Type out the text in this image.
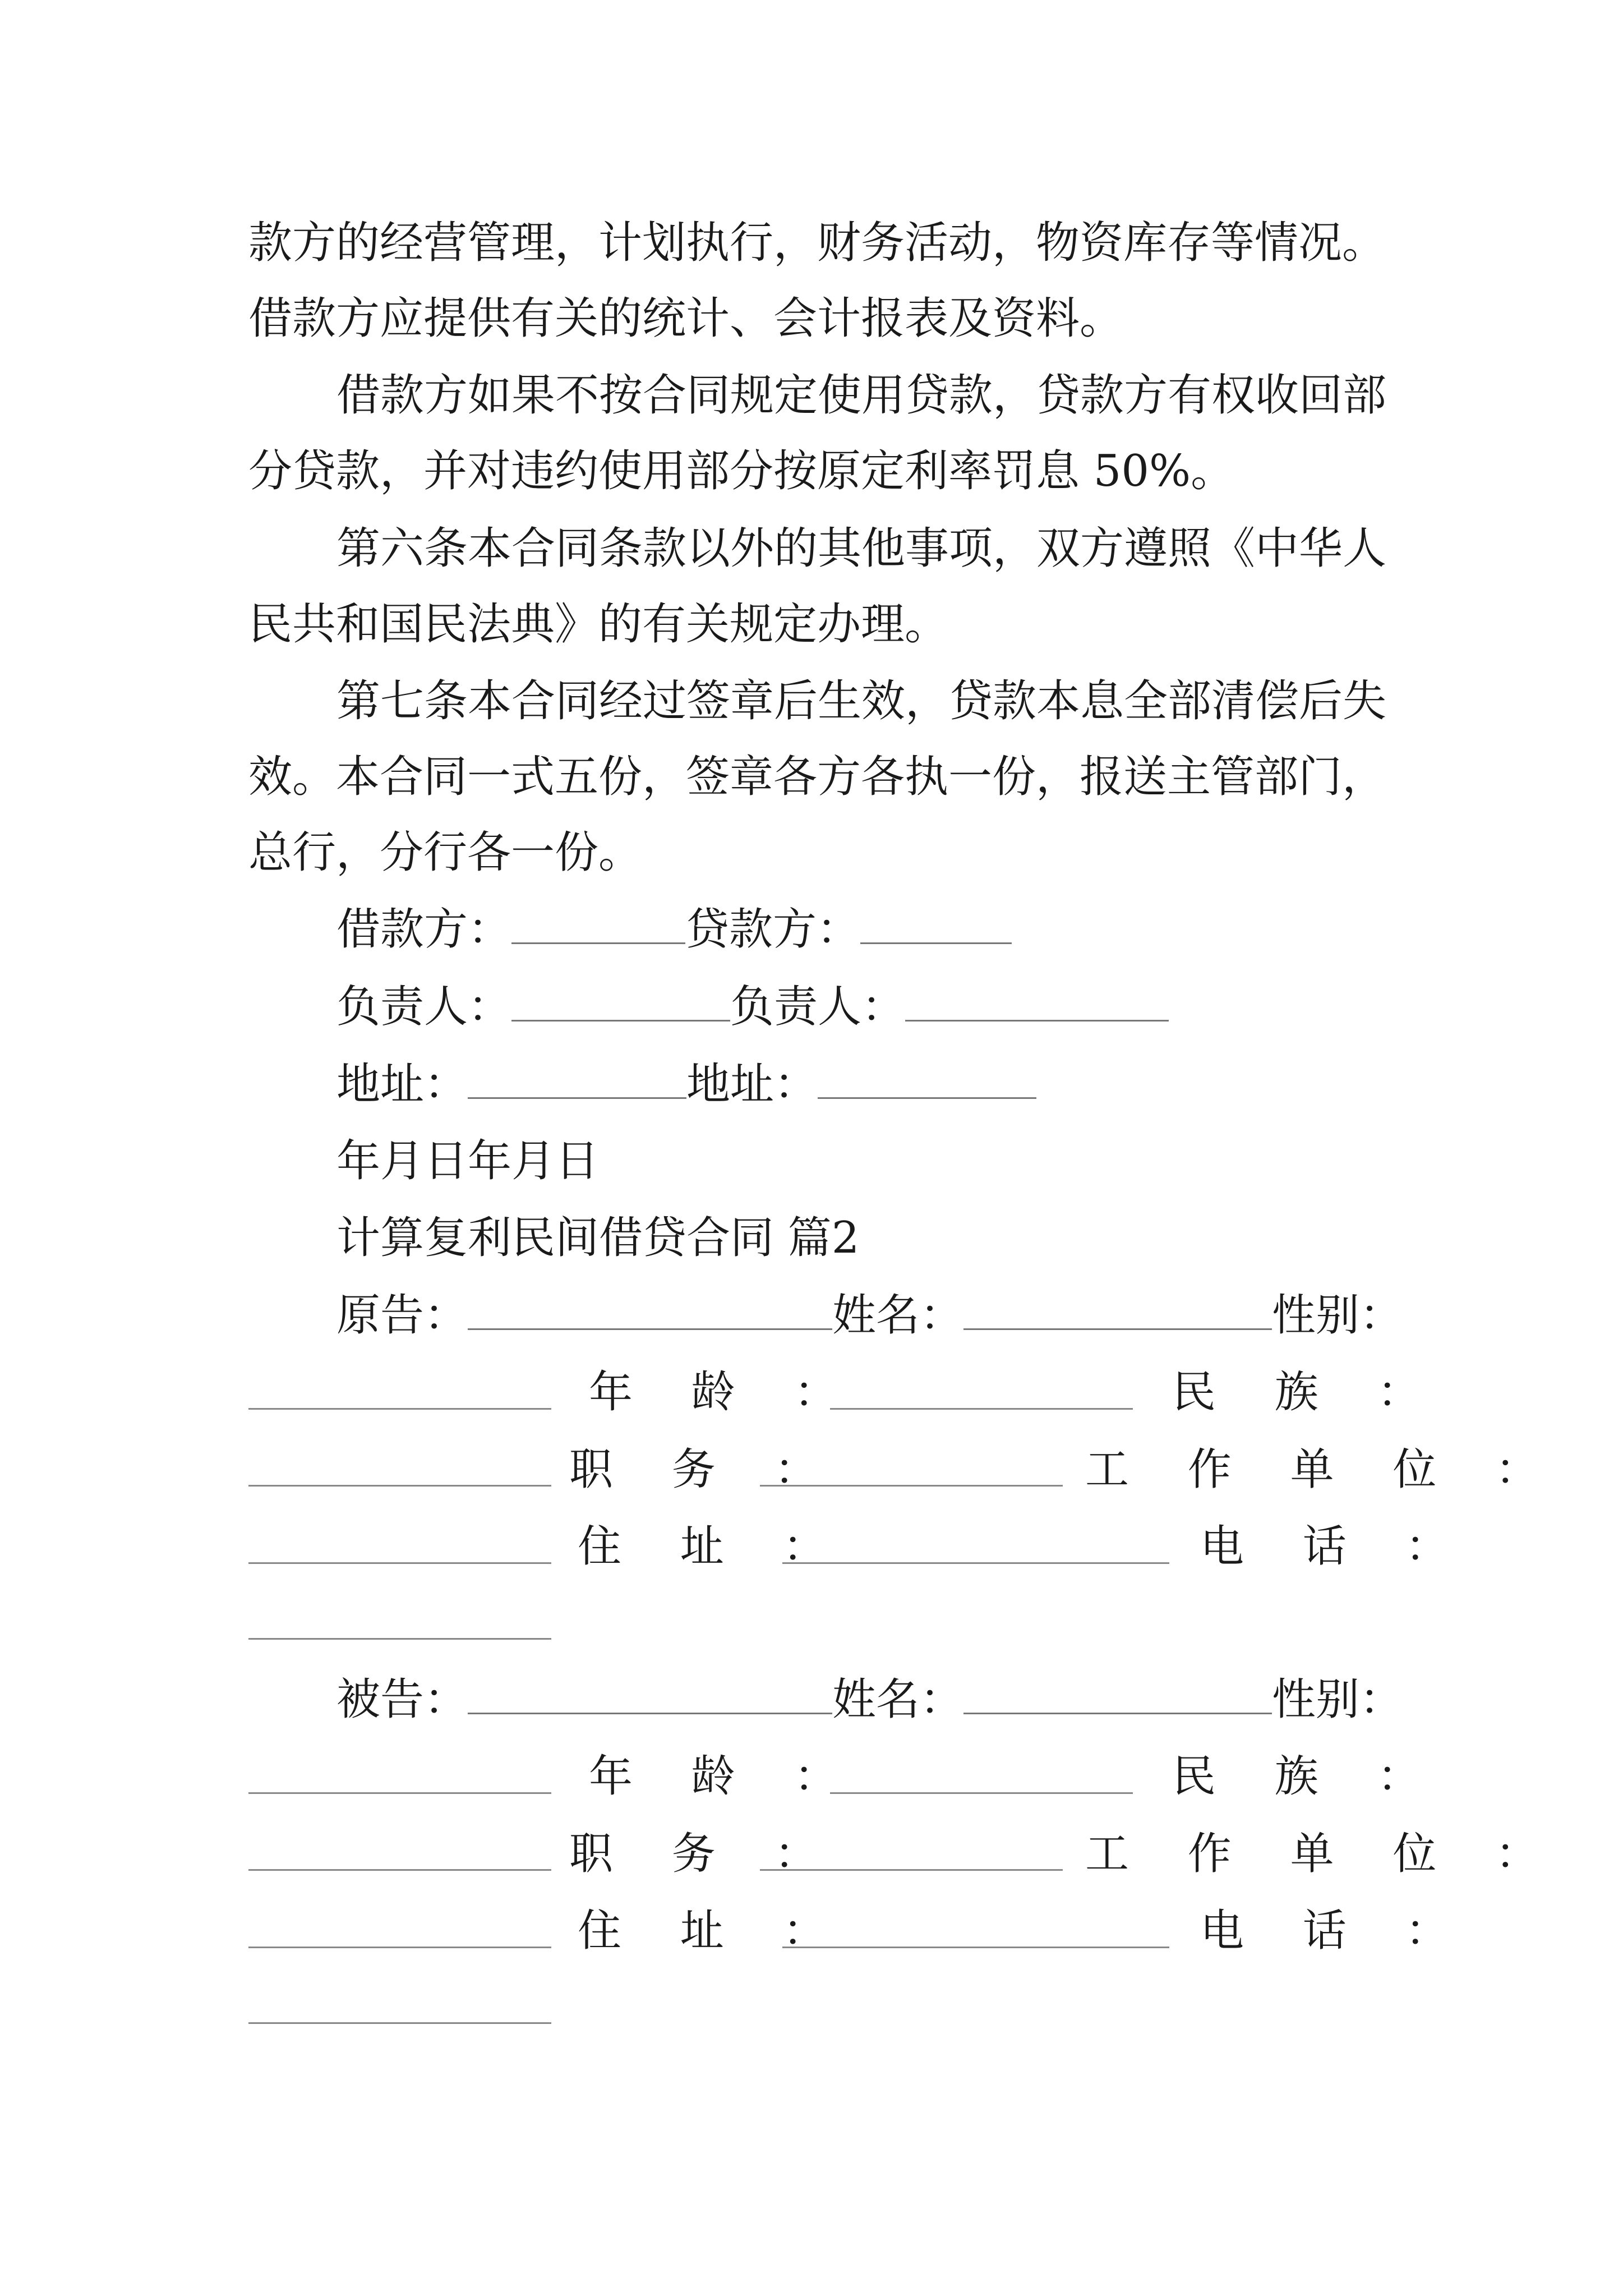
款方的经营管理，计划执行，财务活动，物资库存等情况。
借款方应提供有关的统计、会计报表及资料。
借款方如果不按合同规定使用贷款，贷款方有权收回部
分贷款，并对违约使用部分按原定利率罚息 50%。
第六条本合同条款以外的其他事项，双方遵照《中华人
民共和国民法典》的有关规定办理。
第七条本合同经过签章后生效，贷款本息全部清偿后失
效。本合同一式五份，签章各方各执一份，报送主管部门，
总行，分行各一份。
借款方：	贷款方：
负责人：	负责人：
地址：	地址：
年月日年月日
计算复利民间借贷合同 篇2
原告：	姓名：	性别：
年 龄 ：	民 族 ：
职 务 ：	工 作 单 位 ：
住 址 ：	电 话 ：
被告：	姓名：	性别：
年 龄 ：	民 族 ：
职 务 ：	工 作 单 位 ：
住 址 ：	电 话 ：
